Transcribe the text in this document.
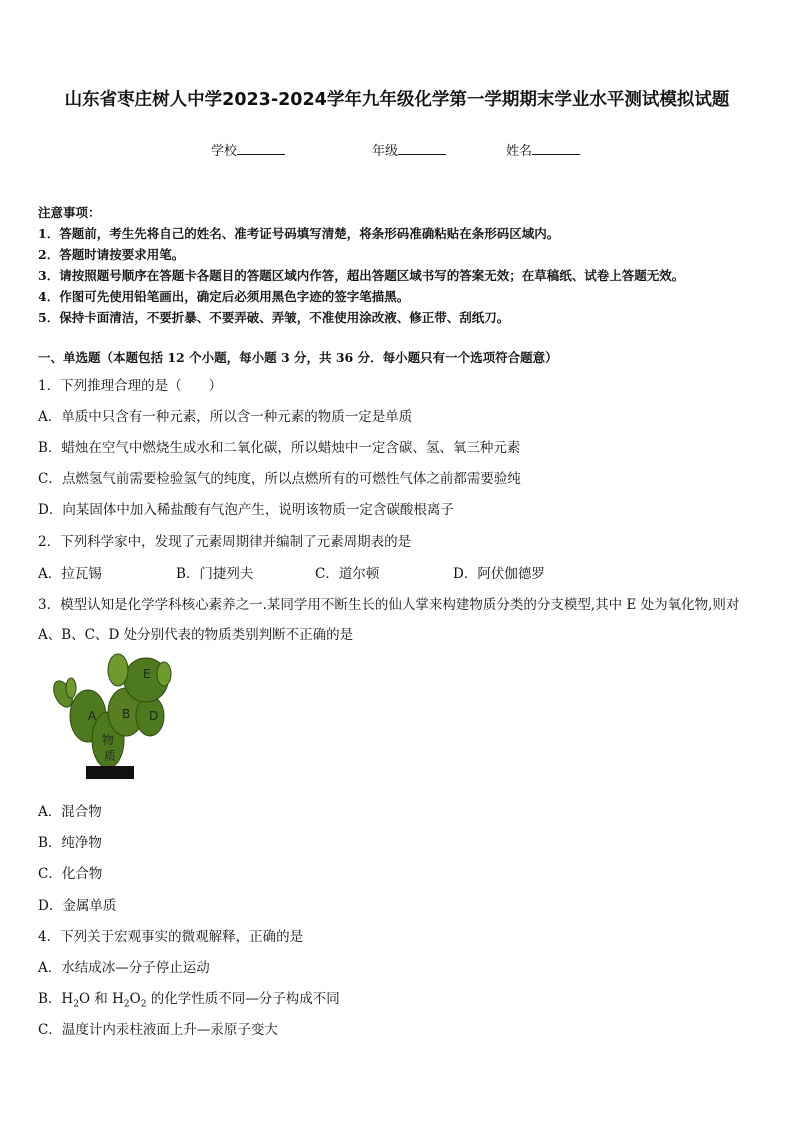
山东省枣庄树人中学2023-2024学年九年级化学第一学期期末学业水平测试模拟试题
学校	年级	姓名
注意事项：
1．答题前，考生先将自己的姓名、准考证号码填写清楚，将条形码准确粘贴在条形码区域内。
2．答题时请按要求用笔。
3．请按照题号顺序在答题卡各题目的答题区域内作答，超出答题区域书写的答案无效；在草稿纸、试卷上答题无效。
4．作图可先使用铅笔画出，确定后必须用黑色字迹的签字笔描黑。
5．保持卡面清洁，不要折暴、不要弄破、弄皱，不准使用涂改液、修正带、刮纸刀。
一、单选题（本题包括 12 个小题，每小题 3 分，共 36 分．每小题只有一个选项符合题意）
1．下列推理合理的是（　　）
A．单质中只含有一种元素，所以含一种元素的物质一定是单质
B．蜡烛在空气中燃烧生成水和二氧化碳，所以蜡烛中一定含碳、氢、氧三种元素
C．点燃氢气前需要检验氢气的纯度，所以点燃所有的可燃性气体之前都需要验纯
D．向某固体中加入稀盐酸有气泡产生，说明该物质一定含碳酸根离子
2．下列科学家中，发现了元素周期律并编制了元素周期表的是
A．拉瓦锡	B．门捷列夫	C．道尔顿	D．阿伏伽德罗
3．模型认知是化学学科核心素养之一.某同学用不断生长的仙人掌来构建物质分类的分支模型,其中 E 处为氧化物,则对
A、B、C、D 处分别代表的物质类别判断不正确的是
A B D
E
物
质
A．混合物
B．纯净物
C．化合物
D．金属单质
4．下列关于宏观事实的微观解释，正确的是
A．水结成冰—分子停止运动
B．$H_2O$ 和 $H_2O_2$ 的化学性质不同—分子构成不同
C．温度计内汞柱液面上升—汞原子变大
